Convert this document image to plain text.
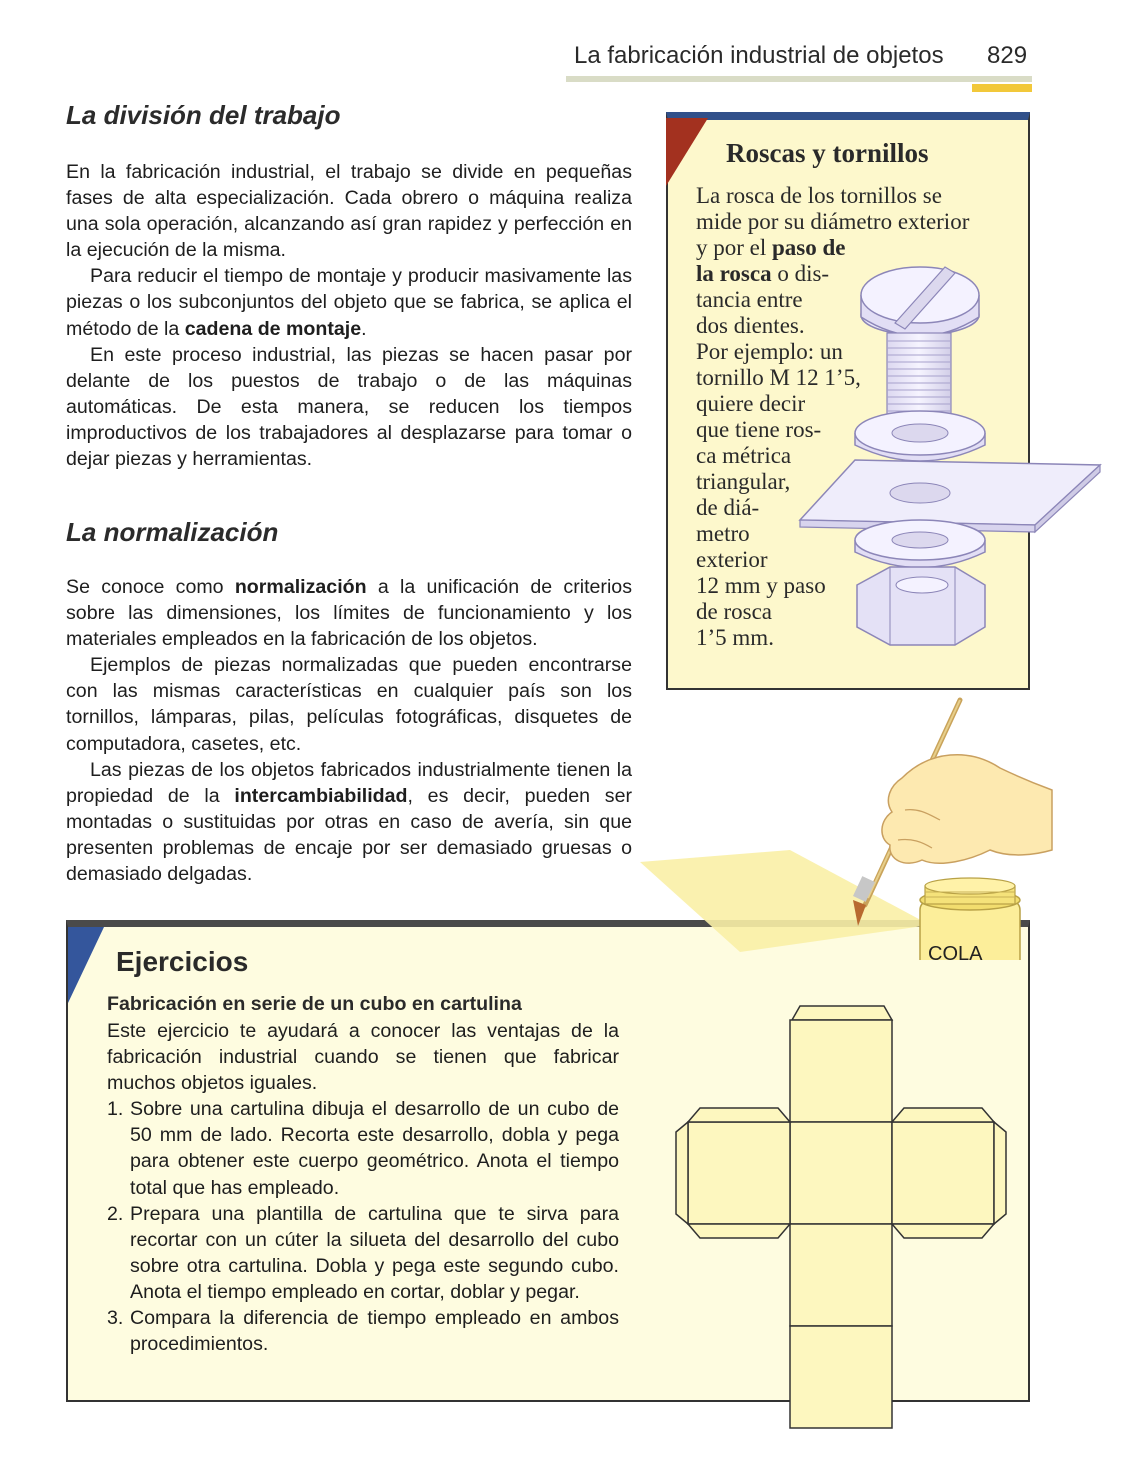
La fabricación industrial de objetos 829
La división del trabajo

En la fabricación industrial, el trabajo se divide en pequeñas fases de alta especialización. Cada obrero o máquina realiza una sola operación, alcanzando así gran rapidez y perfección en la ejecución de la misma.

Para reducir el tiempo de montaje y producir masivamente las piezas o los subconjuntos del objeto que se fabrica, se aplica el método de la cadena de montaje.

En este proceso industrial, las piezas se hacen pasar por delante de los puestos de trabajo o de las máquinas automáticas. De esta manera, se reducen los tiempos improductivos de los trabajadores al desplazarse para tomar o dejar piezas y herramientas.

La normalización

Se conoce como normalización a la unificación de criterios sobre las dimensiones, los límites de funcionamiento y los materiales empleados en la fabricación de los objetos.

Ejemplos de piezas normalizadas que pueden encontrarse con las mismas características en cualquier país son los tornillos, lámparas, pilas, películas fotográficas, disquetes de computadora, casetes, etc.

Las piezas de los objetos fabricados industrialmente tienen la propiedad de la intercambiabilidad, es decir, pueden ser montadas o sustituidas por otras en caso de avería, sin que presenten problemas de encaje por ser demasiado gruesas o demasiado delgadas.

Roscas y tornillos
La rosca de los tornillos se
mide por su diámetro exterior
y por el paso de
la rosca o dis-
tancia entre
dos dientes.
Por ejemplo: un
tornillo M 12 1’5,
quiere decir
que tiene ros-
ca métrica
triangular,
de diá-
metro
exterior
12 mm y paso
de rosca
1’5 mm.
COLA
Ejercicios
Fabricación en serie de un cubo en cartulina

Este ejercicio te ayudará a conocer las ventajas de la fabricación industrial cuando se tienen que fabricar muchos objetos iguales.

1. Sobre una cartulina dibuja el desarrollo de un cubo de 50 mm de lado. Recorta este desarrollo, dobla y pega para obtener este cuerpo geométrico. Anota el tiempo total que has empleado.
2. Prepara una plantilla de cartulina que te sirva para recortar con un cúter la silueta del desarrollo del cubo sobre otra cartulina. Dobla y pega este segundo cubo. Anota el tiempo empleado en cortar, doblar y pegar.
3. Compara la diferencia de tiempo empleado en ambos procedimientos.
